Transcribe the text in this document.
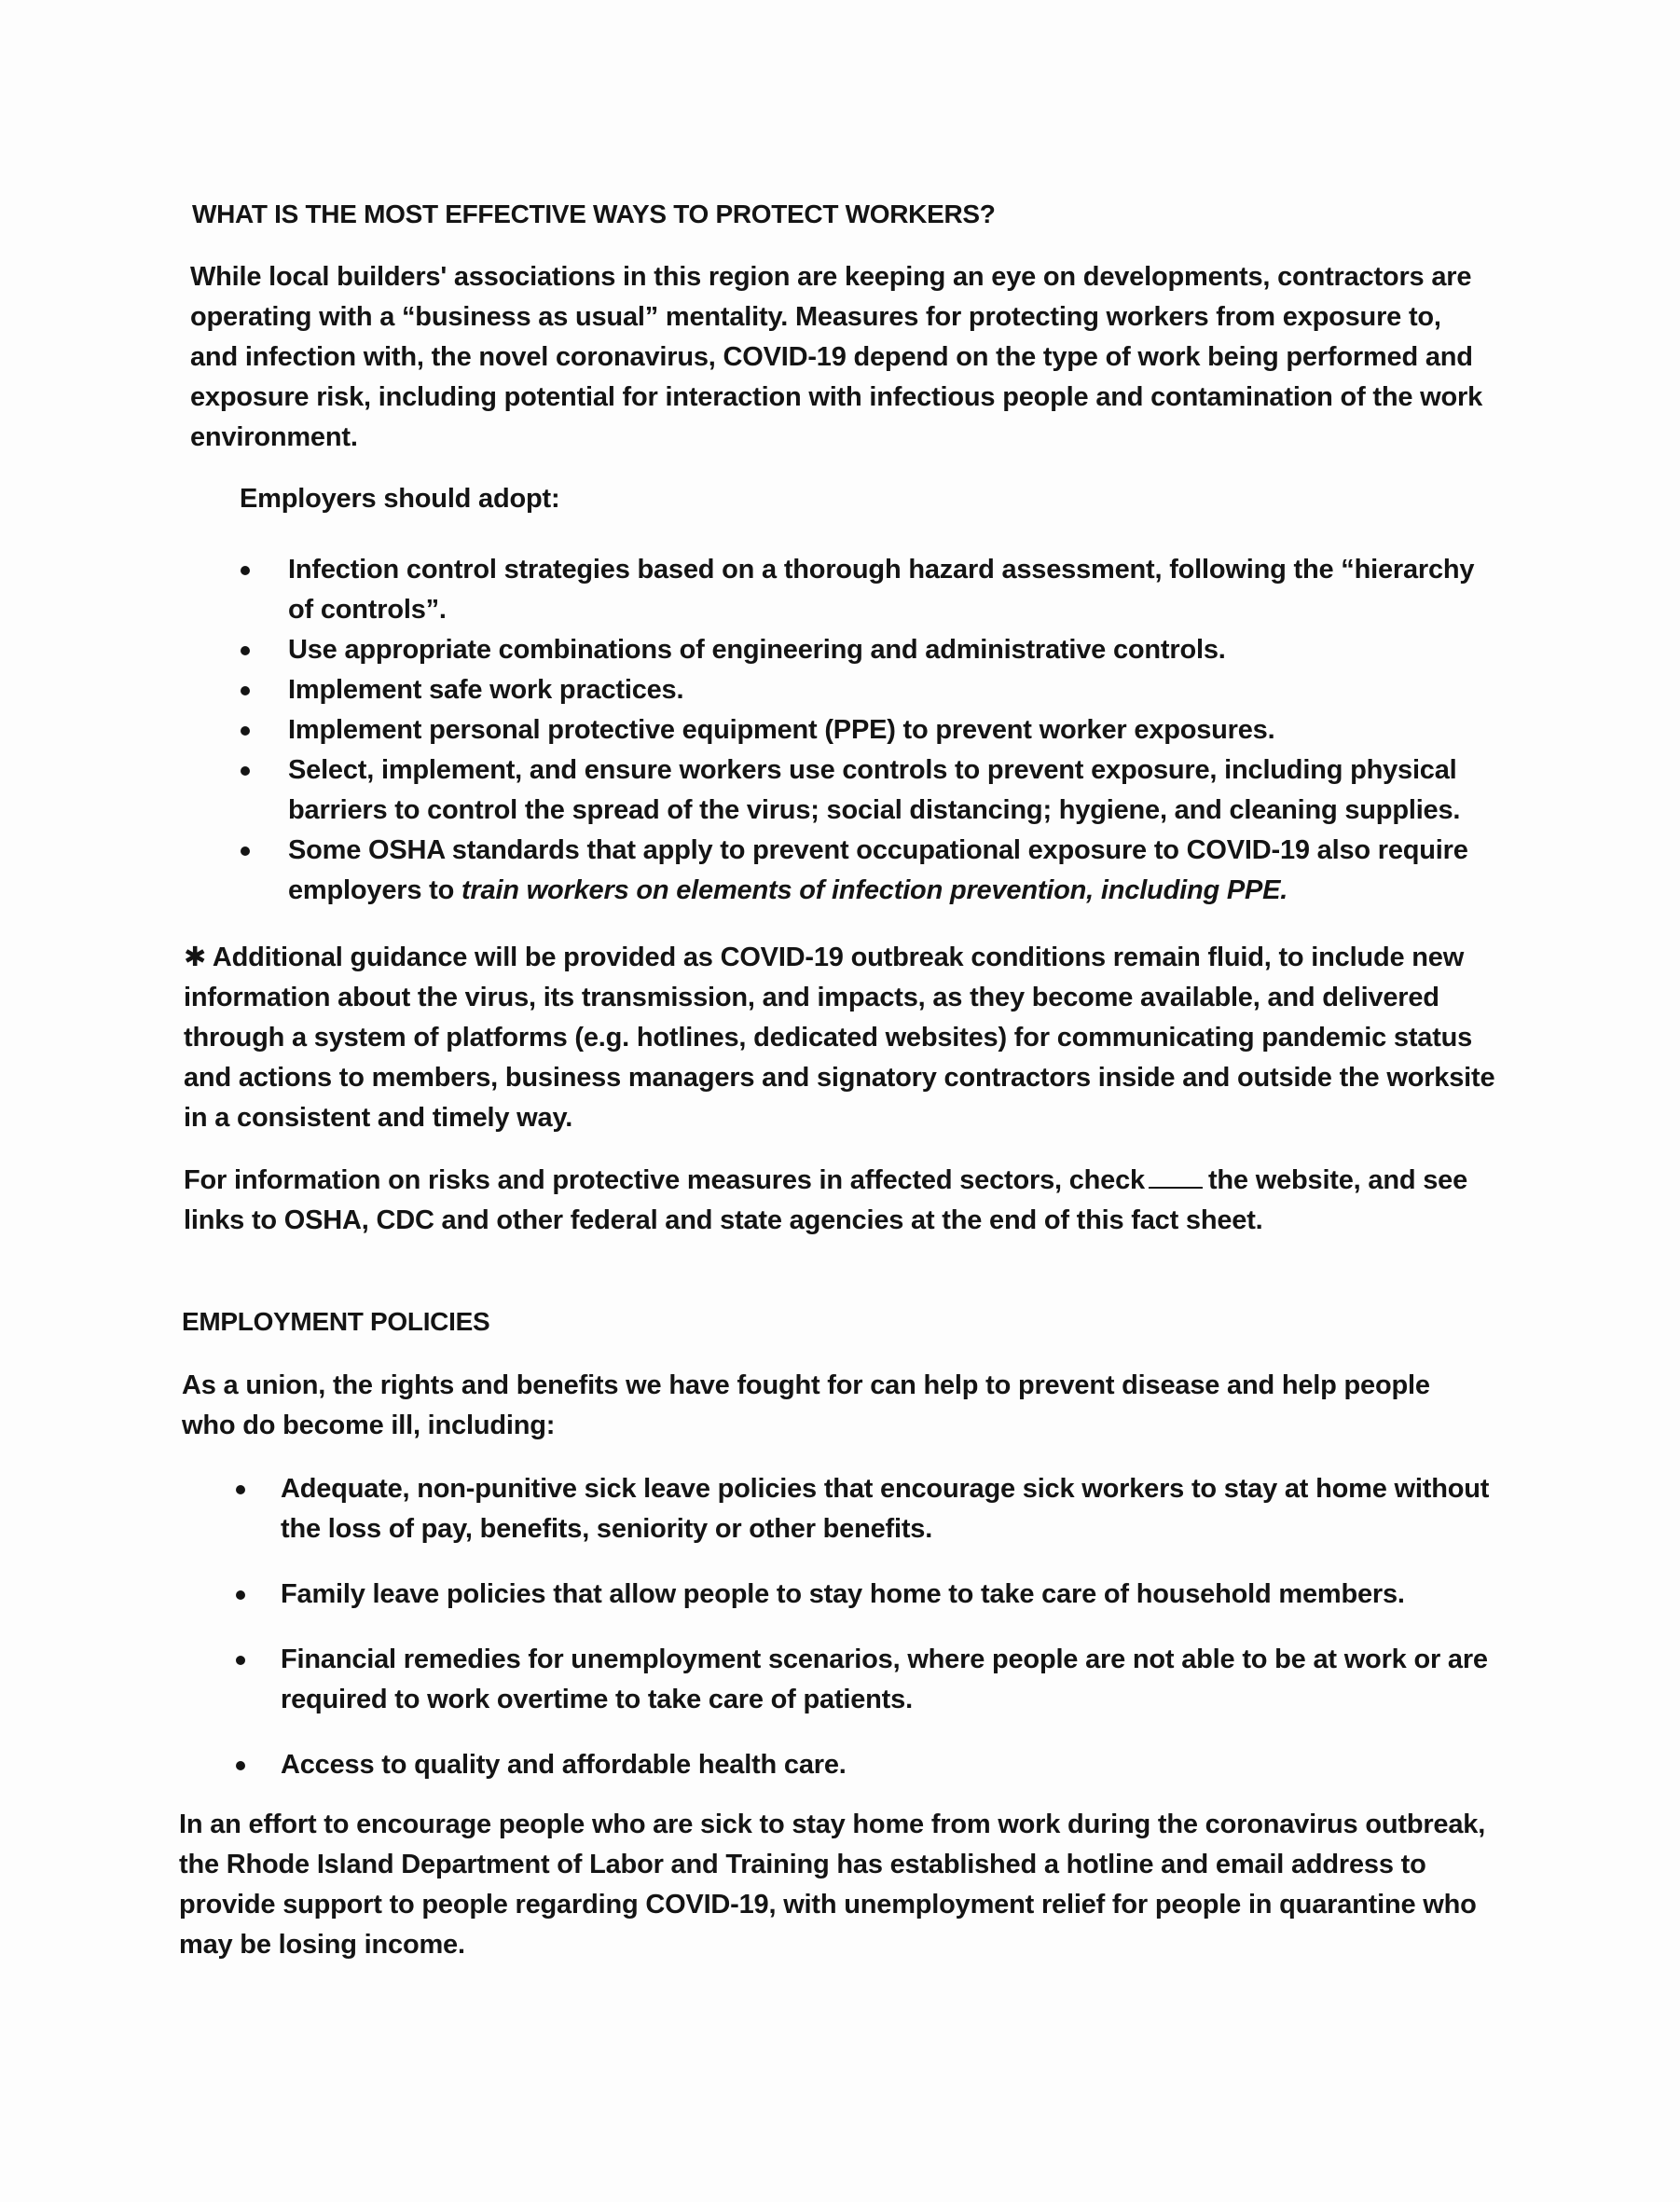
WHAT IS THE MOST EFFECTIVE WAYS TO PROTECT WORKERS?

While local builders' associations in this region are keeping an eye on developments, contractors are operating with a “business as usual” mentality. Measures for protecting workers from exposure to, and infection with, the novel coronavirus, COVID-19 depend on the type of work being performed and exposure risk, including potential for interaction with infectious people and contamination of the work environment.

Employers should adopt:

Infection control strategies based on a thorough hazard assessment, following the “hierarchy of controls”.
Use appropriate combinations of engineering and administrative controls.
Implement safe work practices.
Implement personal protective equipment (PPE) to prevent worker exposures.
Select, implement, and ensure workers use controls to prevent exposure, including physical barriers to control the spread of the virus; social distancing; hygiene, and cleaning supplies.
Some OSHA standards that apply to prevent occupational exposure to COVID-19 also require employers to train workers on elements of infection prevention, including PPE.

✱ Additional guidance will be provided as COVID-19 outbreak conditions remain fluid, to include new information about the virus, its transmission, and impacts, as they become available, and delivered through a system of platforms (e.g. hotlines, dedicated websites) for communicating pandemic status and actions to members, business managers and signatory contractors inside and outside the worksite in a consistent and timely way.

For information on risks and protective measures in affected sectors, check the website, and see links to OSHA, CDC and other federal and state agencies at the end of this fact sheet.

EMPLOYMENT POLICIES

As a union, the rights and benefits we have fought for can help to prevent disease and help people who do become ill, including:

Adequate, non-punitive sick leave policies that encourage sick workers to stay at home without the loss of pay, benefits, seniority or other benefits.
Family leave policies that allow people to stay home to take care of household members.
Financial remedies for unemployment scenarios, where people are not able to be at work or are required to work overtime to take care of patients.
Access to quality and affordable health care.

In an effort to encourage people who are sick to stay home from work during the coronavirus outbreak, the Rhode Island Department of Labor and Training has established a hotline and email address to provide support to people regarding COVID-19, with unemployment relief for people in quarantine who may be losing income.
